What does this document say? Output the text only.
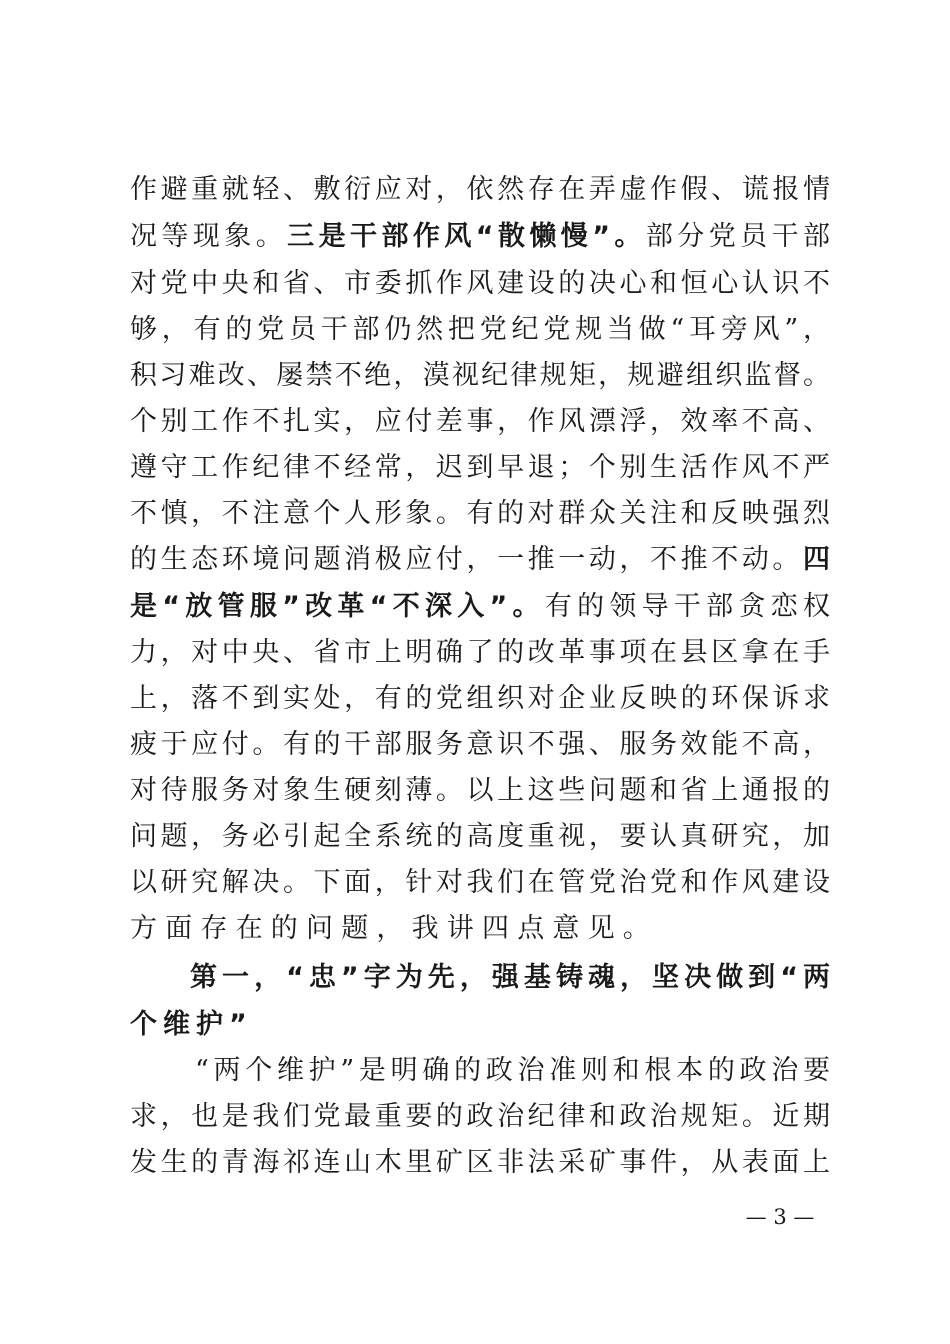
作避重就轻、敷衍应对，依然存在弄虚作假、谎报情
况等现象。三是干部作风“散懒慢”。部分党员干部
对党中央和省、市委抓作风建设的决心和恒心认识不
够，有的党员干部仍然把党纪党规当做“耳旁风”，
积习难改、屡禁不绝，漠视纪律规矩，规避组织监督。
个别工作不扎实，应付差事，作风漂浮，效率不高、
遵守工作纪律不经常，迟到早退；个别生活作风不严
不慎，不注意个人形象。有的对群众关注和反映强烈
的生态环境问题消极应付，一推一动，不推不动。四
是“放管服”改革“不深入”。有的领导干部贪恋权
力，对中央、省市上明确了的改革事项在县区拿在手
上，落不到实处，有的党组织对企业反映的环保诉求
疲于应付。有的干部服务意识不强、服务效能不高，
对待服务对象生硬刻薄。以上这些问题和省上通报的
问题，务必引起全系统的高度重视，要认真研究，加
以研究解决。下面，针对我们在管党治党和作风建设
方面存在的问题，我讲四点意见。
第一，“忠”字为先，强基铸魂，坚决做到“两
个维护”
“两个维护”是明确的政治准则和根本的政治要
求，也是我们党最重要的政治纪律和政治规矩。近期
发生的青海祁连山木里矿区非法采矿事件，从表面上
— 3 —
